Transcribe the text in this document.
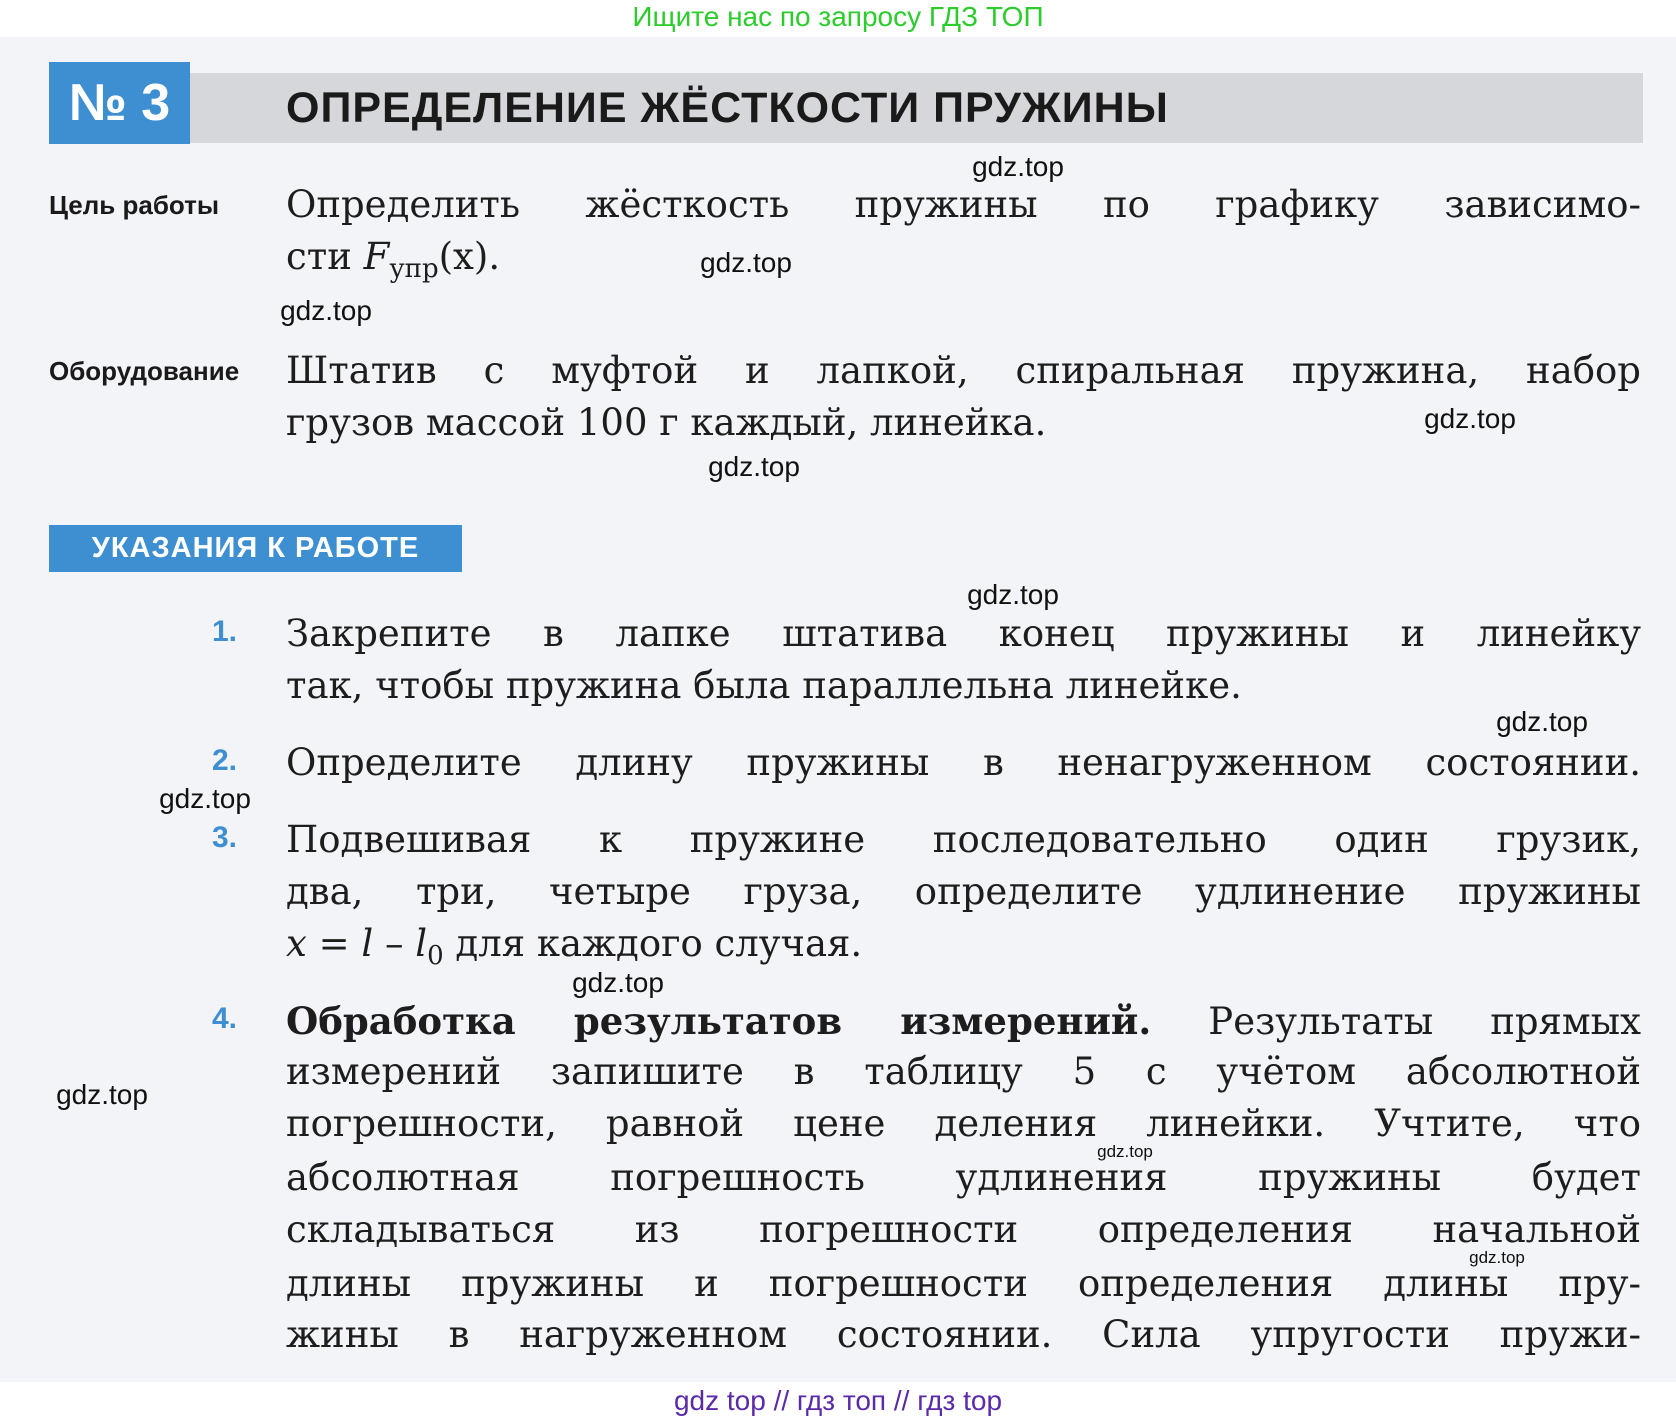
Ищите нас по запросу ГДЗ ТОП
№ 3	ОПРЕДЕЛЕНИЕ ЖЁСТКОСТИ ПРУЖИНЫ
Цель работы Определить жёсткость пружины по графику зависимо-
сти $F_{упр}(x)$.
Оборудование Штатив с муфтой и лапкой, спиральная пружина, набор
грузов массой 100 г каждый, линейка.
УКАЗАНИЯ К РАБОТЕ
1. Закрепите в лапке штатива конец пружины и линейку
так, чтобы пружина была параллельна линейке.
2. Определите длину пружины в ненагруженном состоянии.
3. Подвешивая к пружине последовательно один грузик,
два, три, четыре груза, определите удлинение пружины
$x = l - l_0$ для каждого случая.
4. Обработка результатов измерений. Результаты прямых
измерений запишите в таблицу 5 с учётом абсолютной
погрешности, равной цене деления линейки. Учтите, что
абсолютная погрешность удлинения пружины будет
складываться из погрешности определения начальной
длины пружины и погрешности определения длины пру-
жины в нагруженном состоянии. Сила упругости пружи-
gdz.top
gdz.top
gdz.top
gdz.top
gdz.top
gdz.top
gdz.top
gdz.top
gdz.top
gdz.top
gdz.top
gdz.top
gdz top // гдз топ // гдз top
